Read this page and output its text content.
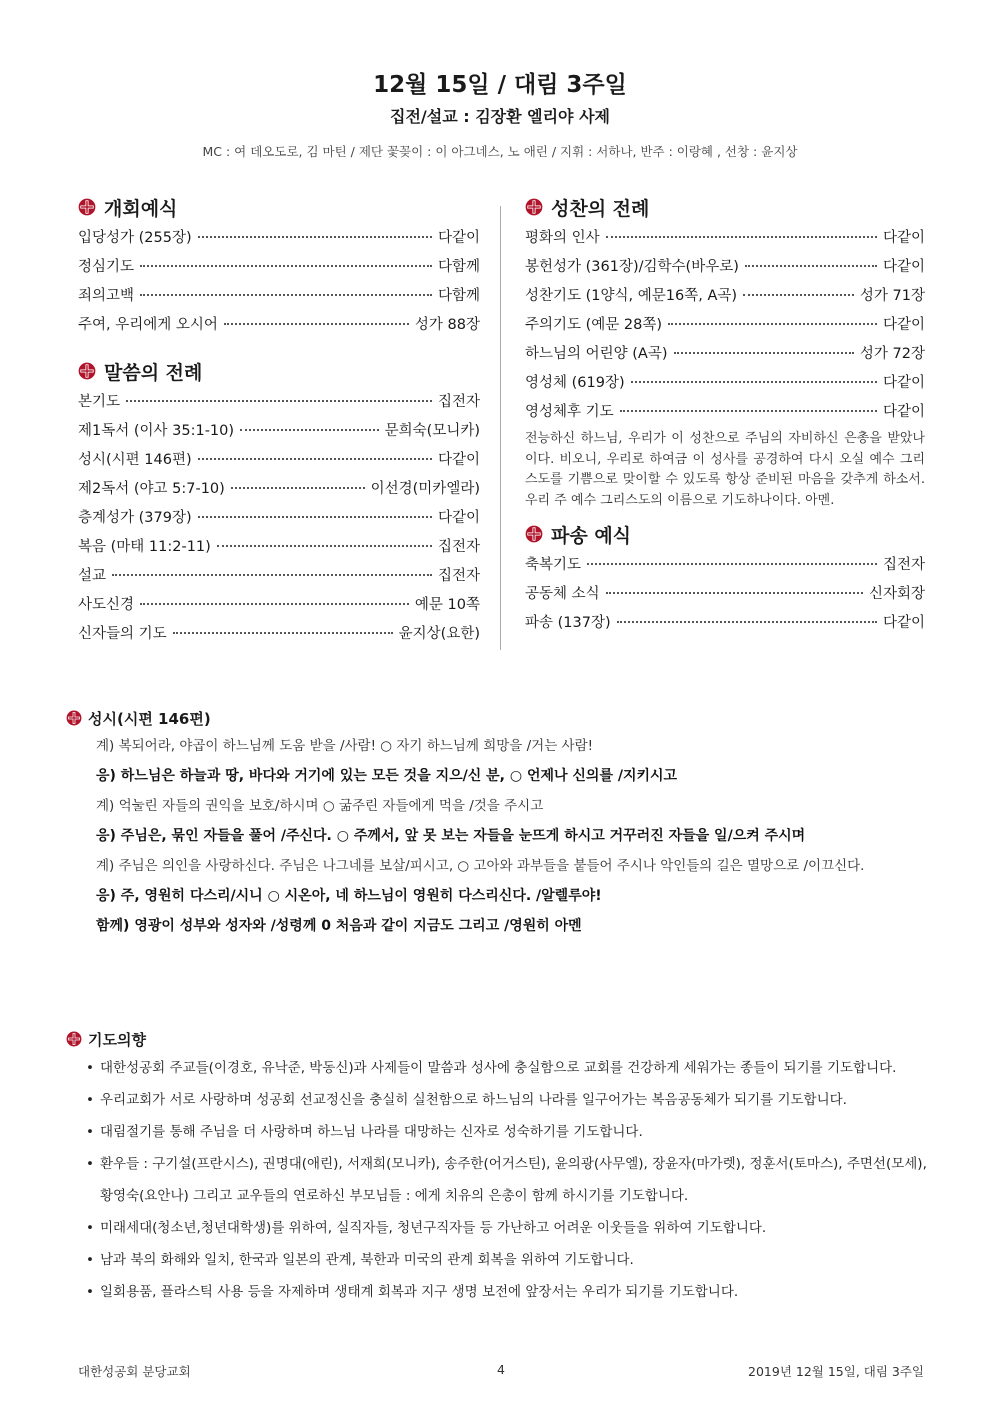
12월 15일 / 대림 3주일
집전/설교 : 김장환 엘리야 사제
MC : 여 데오도로, 김 마틴 / 제단 꽃꽂이 : 이 아그네스, 노 애린 / 지휘 : 서하나, 반주 : 이랑혜 , 선창 : 윤지상
개회예식
입당성가 (255장)	다같이
정심기도	다함께
죄의고백	다함께
주여, 우리에게 오시어	성가 88장
말씀의 전례
본기도	집전자
제1독서 (이사 35:1-10)	문희숙(모니카)
성시(시편 146편)	다같이
제2독서 (야고 5:7-10)	이선경(미카엘라)
층계성가 (379장)	다같이
복음 (마태 11:2-11)	집전자
설교	집전자
사도신경	예문 10쪽
신자들의 기도	윤지상(요한)
성찬의 전례
평화의 인사	다같이
봉헌성가 (361장)/김학수(바우로)	다같이
성찬기도 (1양식, 예문16쪽, A곡)	성가 71장
주의기도 (예문 28쪽)	다같이
하느님의 어린양 (A곡)	성가 72장
영성체 (619장)	다같이
영성체후 기도	다같이
전능하신 하느님, 우리가 이 성찬으로 주님의 자비하신 은총을 받았나이다. 비오니, 우리로 하여금 이 성사를 공경하여 다시 오실 예수 그리스도를 기쁨으로 맞이할 수 있도록 항상 준비된 마음을 갖추게 하소서. 우리 주 예수 그리스도의 이름으로 기도하나이다. 아멘.
파송 예식
축복기도	집전자
공동체 소식	신자회장
파송 (137장)	다같이
성시(시편 146편)
계) 복되어라, 야곱이 하느님께 도움 받을 /사람! ○ 자기 하느님께 희망을 /거는 사람!
응) 하느님은 하늘과 땅, 바다와 거기에 있는 모든 것을 지으/신 분, ○ 언제나 신의를 /지키시고
계) 억눌린 자들의 권익을 보호/하시며 ○ 굶주린 자들에게 먹을 /것을 주시고
응) 주님은, 묶인 자들을 풀어 /주신다. ○ 주께서, 앞 못 보는 자들을 눈뜨게 하시고 거꾸러진 자들을 일/으켜 주시며
계) 주님은 의인을 사랑하신다. 주님은 나그네를 보살/피시고, ○ 고아와 과부들을 붙들어 주시나 악인들의 길은 멸망으로 /이끄신다.
응) 주, 영원히 다스리/시니 ○ 시온아, 네 하느님이 영원히 다스리신다. /알렐루야!
함께) 영광이 성부와 성자와 /성령께 0 처음과 같이 지금도 그리고 /영원히 아멘
기도의향
• 대한성공회 주교들(이경호, 유낙준, 박동신)과 사제들이 말씀과 성사에 충실함으로 교회를 건강하게 세워가는 종들이 되기를 기도합니다.
• 우리교회가 서로 사랑하며 성공회 선교정신을 충실히 실천함으로 하느님의 나라를 일구어가는 복음공동체가 되기를 기도합니다.
• 대림절기를 통해 주님을 더 사랑하며 하느님 나라를 대망하는 신자로 성숙하기를 기도합니다.
• 환우들 : 구기설(프란시스), 권명대(애린), 서재희(모니카), 송주한(어거스틴), 윤의광(사무엘), 장윤자(마가렛), 정훈서(토마스), 주면선(모세), 황영숙(요안나) 그리고 교우들의 연로하신 부모님들 : 에게 치유의 은총이 함께 하시기를 기도합니다.
• 미래세대(청소년,청년대학생)를 위하여, 실직자들, 청년구직자들 등 가난하고 어려운 이웃들을 위하여 기도합니다.
• 남과 북의 화해와 일치, 한국과 일본의 관계, 북한과 미국의 관계 회복을 위하여 기도합니다.
• 일회용품, 플라스틱 사용 등을 자제하며 생태계 회복과 지구 생명 보전에 앞장서는 우리가 되기를 기도합니다.
대한성공회 분당교회	4	2019년 12월 15일, 대림 3주일
